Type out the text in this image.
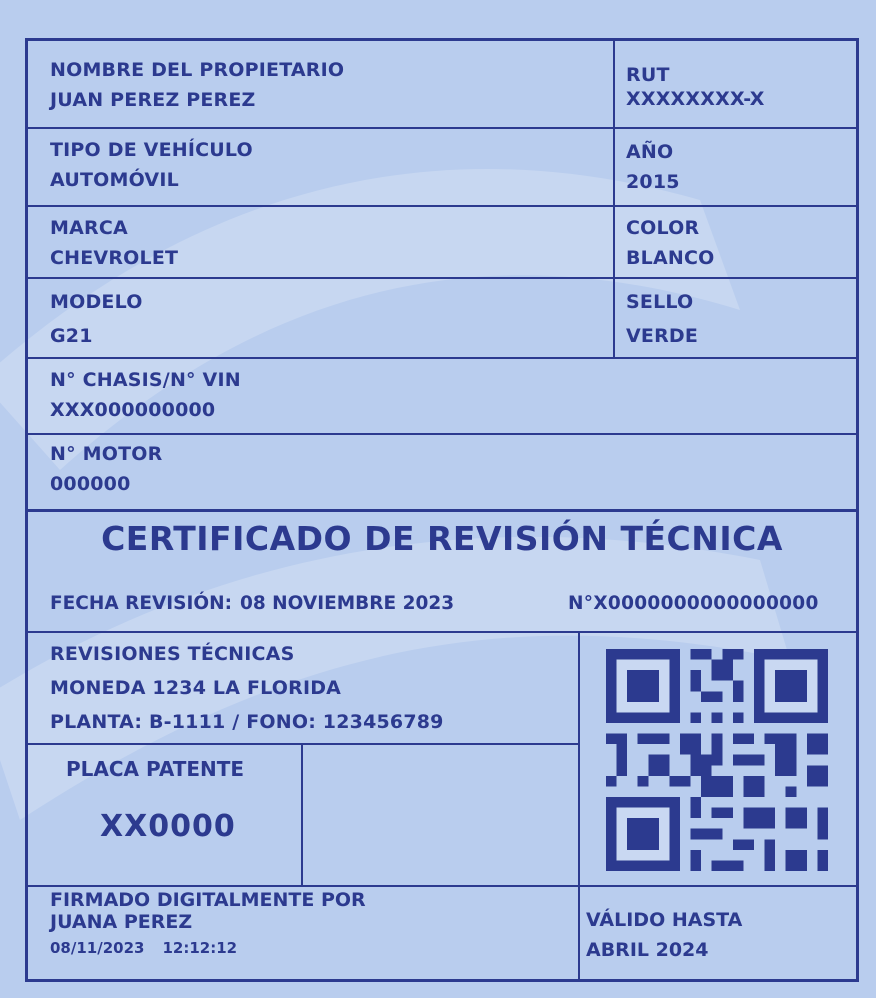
NOMBRE DEL PROPIETARIO
JUAN PEREZ PEREZ
RUT
XXXXXXXX-X
TIPO DE VEHÍCULO
AUTOMÓVIL
AÑO
2015
MARCA
CHEVROLET
COLOR
BLANCO
MODELO
G21
SELLO
VERDE
N° CHASIS/N° VIN
XXX000000000
N° MOTOR
000000
CERTIFICADO DE REVISIÓN TÉCNICA
FECHA REVISIÓN: 08 NOVIEMBRE 2023	N°X0000000000000000
REVISIONES TÉCNICAS
MONEDA 1234 LA FLORIDA
PLANTA: B-1111 / FONO: 123456789
PLACA PATENTE
XX0000
FIRMADO DIGITALMENTE POR
JUANA PEREZ
08/11/2023 12:12:12
VÁLIDO HASTA
ABRIL 2024
